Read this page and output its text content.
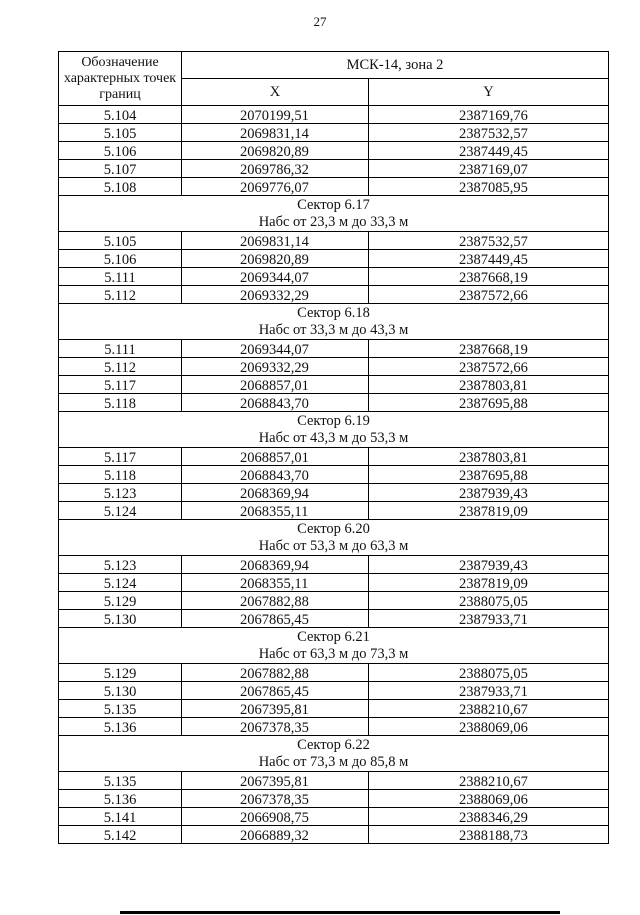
27
Обозначение характерных точек границ	МСК-14, зона 2	
	X	Y
5.104	2070199,51	2387169,76
5.105	2069831,14	2387532,57
5.106	2069820,89	2387449,45
5.107	2069786,32	2387169,07
5.108	2069776,07	2387085,95

Сектор 6.17
Набс от 23,3 м до 33,3 м		

5.105	2069831,14	2387532,57
5.106	2069820,89	2387449,45
5.111	2069344,07	2387668,19
5.112	2069332,29	2387572,66

Сектор 6.18
Набс от 33,3 м до 43,3 м		

5.111	2069344,07	2387668,19
5.112	2069332,29	2387572,66
5.117	2068857,01	2387803,81
5.118	2068843,70	2387695,88

Сектор 6.19
Набс от 43,3 м до 53,3 м		

5.117	2068857,01	2387803,81
5.118	2068843,70	2387695,88
5.123	2068369,94	2387939,43
5.124	2068355,11	2387819,09

Сектор 6.20
Набс от 53,3 м до 63,3 м		

5.123	2068369,94	2387939,43
5.124	2068355,11	2387819,09
5.129	2067882,88	2388075,05
5.130	2067865,45	2387933,71

Сектор 6.21
Набс от 63,3 м до 73,3 м		

5.129	2067882,88	2388075,05
5.130	2067865,45	2387933,71
5.135	2067395,81	2388210,67
5.136	2067378,35	2388069,06

Сектор 6.22
Набс от 73,3 м до 85,8 м		

5.135	2067395,81	2388210,67
5.136	2067378,35	2388069,06
5.141	2066908,75	2388346,29
5.142	2066889,32	2388188,73
